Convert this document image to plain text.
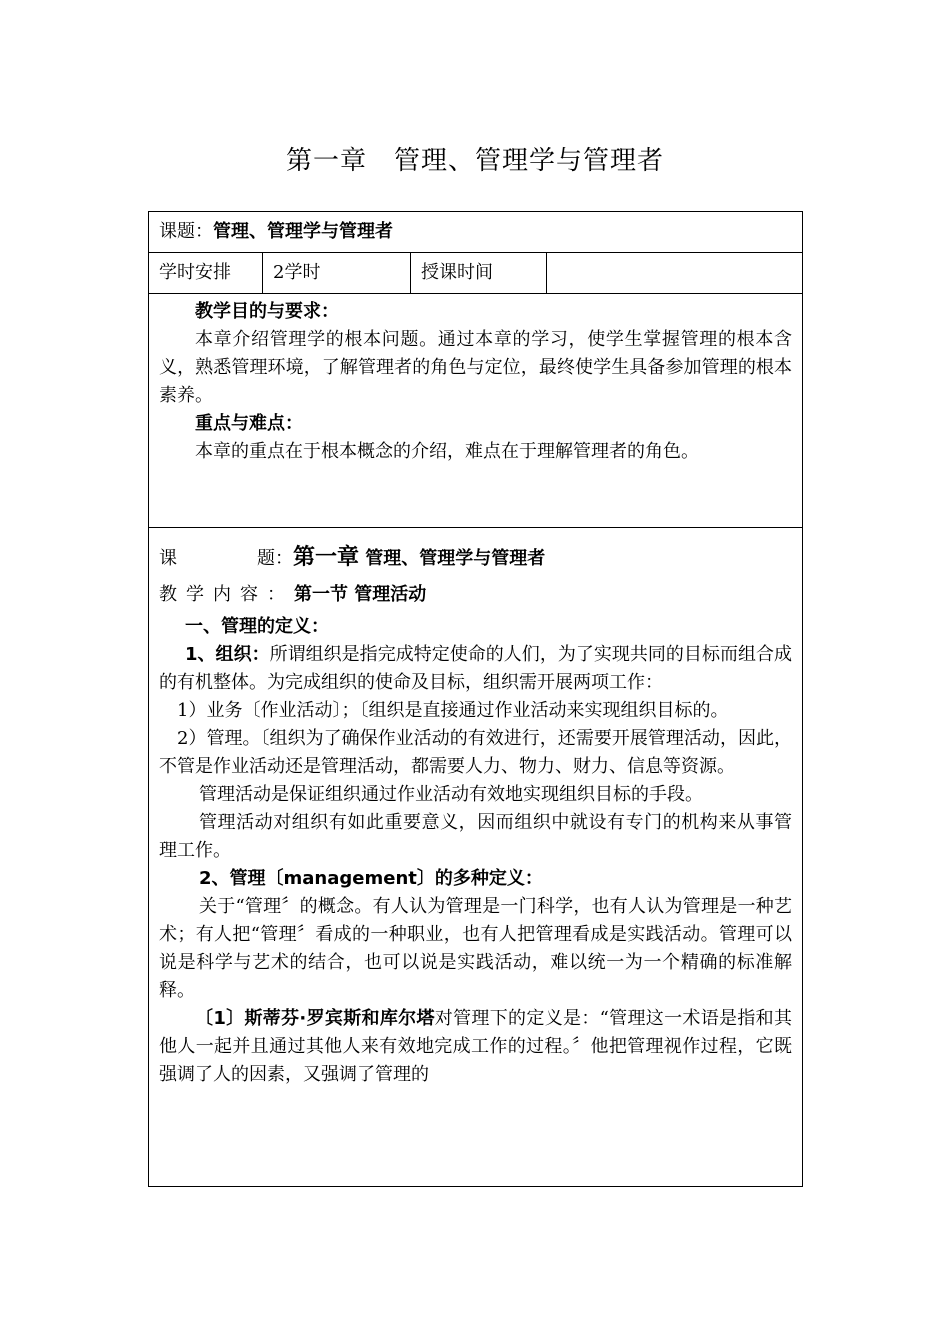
第一章　管理、管理学与管理者
课题：管理、管理学与管理者
学时安排	2学时	授课时间	

教学目的与要求：

本章介绍管理学的根本问题。通过本章的学习，使学生掌握管理的根本含义，熟悉管理环境，了解管理者的角色与定位，最终使学生具备参加管理的根本素养。

重点与难点：

本章的重点在于根本概念的介绍，难点在于理解管理者的角色。

课	题：第一章 管理、管理学与管理者

教学内容：第一节 管理活动

一、管理的定义：

1、组织：所谓组织是指完成特定使命的人们，为了实现共同的目标而组合成的有机整体。为完成组织的使命及目标，组织需开展两项工作：

1）业务〔作业活动〕；〔组织是直接通过作业活动来实现组织目标的。

2）管理。〔组织为了确保作业活动的有效进行，还需要开展管理活动，因此，不管是作业活动还是管理活动，都需要人力、物力、财力、信息等资源。

管理活动是保证组织通过作业活动有效地实现组织目标的手段。

管理活动对组织有如此重要意义，因而组织中就设有专门的机构来从事管理工作。

2、管理〔management〕的多种定义：

关于“管理〞的概念。有人认为管理是一门科学，也有人认为管理是一种艺术；有人把“管理〞看成的一种职业，也有人把管理看成是实践活动。管理可以说是科学与艺术的结合，也可以说是实践活动，难以统一为一个精确的标准解释。

〔1〕斯蒂芬·罗宾斯和库尔塔对管理下的定义是：“管理这一术语是指和其他人一起并且通过其他人来有效地完成工作的过程。〞他把管理视作过程，它既强调了人的因素，又强调了管理的
